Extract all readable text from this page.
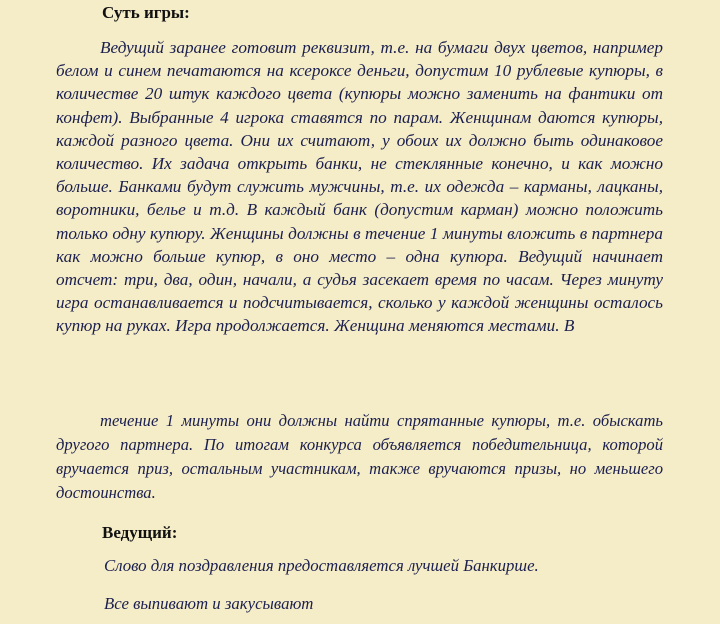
Суть игры:

Ведущий заранее готовит реквизит, т.е. на бумаги двух цветов, например белом и синем печатаются на ксероксе деньги, допустим 10 рублевые купюры, в количестве 20 штук каждого цвета (купюры можно заменить на фантики от конфет). Выбранные 4 игрока ставятся по парам. Женщинам даются купюры, каждой разного цвета. Они их считают, у обоих их должно быть одинаковое количество. Их задача открыть банки, не стеклянные конечно, и как можно больше. Банками будут служить мужчины, т.е. их одежда – карманы, лацканы, воротники, белье и т.д. В каждый банк (допустим карман) можно положить только одну купюру. Женщины должны в течение 1 минуты вложить в партнера как можно больше купюр, в оно место – одна купюра. Ведущий начинает отсчет: три, два, один, начали, а судья засекает время по часам. Через минуту игра останавливается и подсчитывается, сколько у каждой женщины осталось купюр на руках. Игра продолжается. Женщина меняются местами. В

течение 1 минуты они должны найти спрятанные купюры, т.е. обыскать другого партнера. По итогам конкурса объявляется победительница, которой вручается приз, остальным участникам, также вручаются призы, но меньшего достоинства.

Ведущий:

Слово для поздравления предоставляется лучшей Банкирше.

Все выпивают и закусывают
